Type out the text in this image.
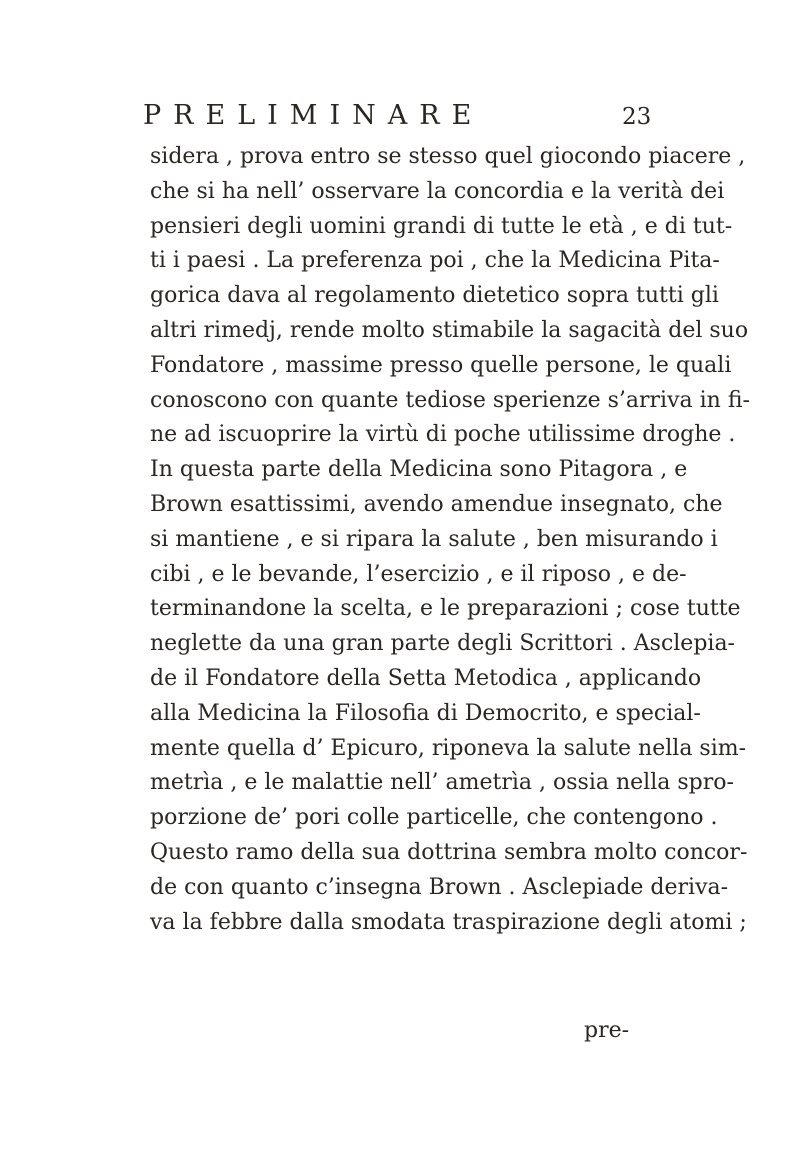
PRELIMINARE	23
sidera , prova entro se stesso quel giocondo piacere ,
che si ha nell’ osservare la concordia e la verità dei
pensieri degli uomini grandi di tutte le età , e di tut-
ti i paesi . La preferenza poi , che la Medicina Pita-
gorica dava al regolamento dietetico sopra tutti gli
altri rimedj, rende molto stimabile la sagacità del suo
Fondatore , massime presso quelle persone, le quali
conoscono con quante tediose sperienze s’arriva in fi-
ne ad iscuoprire la virtù di poche utilissime droghe .
In questa parte della Medicina sono Pitagora , e
Brown esattissimi, avendo amendue insegnato, che
si mantiene , e si ripara la salute , ben misurando i
cibi , e le bevande, l’esercizio , e il riposo , e de-
terminandone la scelta, e le preparazioni ; cose tutte
neglette da una gran parte degli Scrittori . Asclepia-
de il Fondatore della Setta Metodica , applicando
alla Medicina la Filosofia di Democrito, e special-
mente quella d’ Epicuro, riponeva la salute nella sim-
metrìa , e le malattie nell’ ametrìa , ossia nella spro-
porzione de’ pori colle particelle, che contengono .
Questo ramo della sua dottrina sembra molto concor-
de con quanto c’insegna Brown . Asclepiade deriva-
va la febbre dalla smodata traspirazione degli atomi ;
pre-
